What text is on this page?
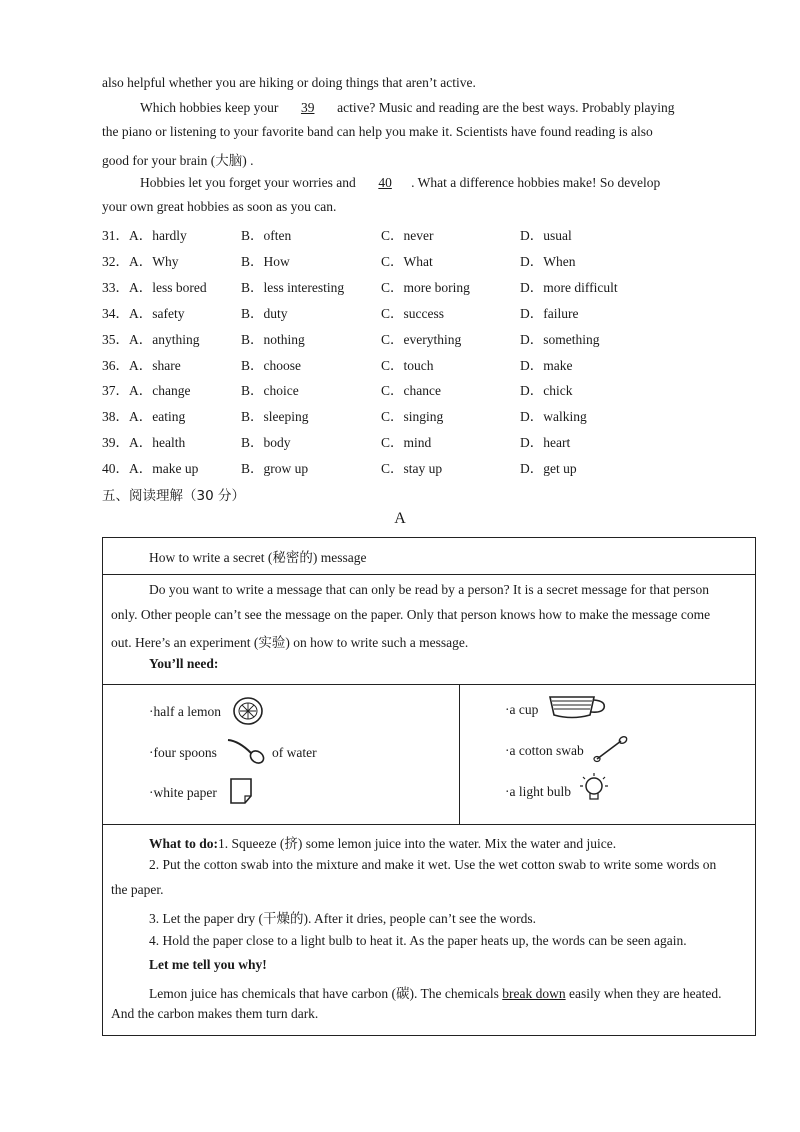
also helpful whether you are hiking or doing things that aren’t active.
Which hobbies keep your 39 active? Music and reading are the best ways. Probably playing
the piano or listening to your favorite band can help you make it. Scientists have found reading is also
good for your brain (大脑) .
Hobbies let you forget your worries and 40 . What a difference hobbies make! So develop
your own great hobbies as soon as you can.
31．A．hardly	B．often	C．never	D．usual
32．A．Why	B．How	C．What	D．When
33．A．less bored	B．less interesting	C．more boring	D．more difficult
34．A．safety	B．duty	C．success	D．failure
35．A．anything	B．nothing	C．everything	D．something
36．A．share	B．choose	C．touch	D．make
37．A．change	B．choice	C．chance	D．chick
38．A．eating	B．sleeping	C．singing	D．walking
39．A．health	B．body	C．mind	D．heart
40．A．make up	B．grow up	C．stay up	D．get up
五、阅读理解（30 分）
A
How to write a secret (秘密的) message
Do you want to write a message that can only be read by a person? It is a secret message for that person
only. Other people can’t see the message on the paper. Only that person knows how to make the message come
out. Here’s an experiment (实验) on how to write such a message.
You’ll need:
·half a lemon
·four spoons	of water
·white paper
·a cup
·a cotton swab
·a light bulb
What to do:1. Squeeze (挤) some lemon juice into the water. Mix the water and juice.
2. Put the cotton swab into the mixture and make it wet. Use the wet cotton swab to write some words on
the paper.
3. Let the paper dry (干燥的). After it dries, people can’t see the words.
4. Hold the paper close to a light bulb to heat it. As the paper heats up, the words can be seen again.
Let me tell you why!
Lemon juice has chemicals that have carbon (碳). The chemicals break down easily when they are heated.
And the carbon makes them turn dark.
